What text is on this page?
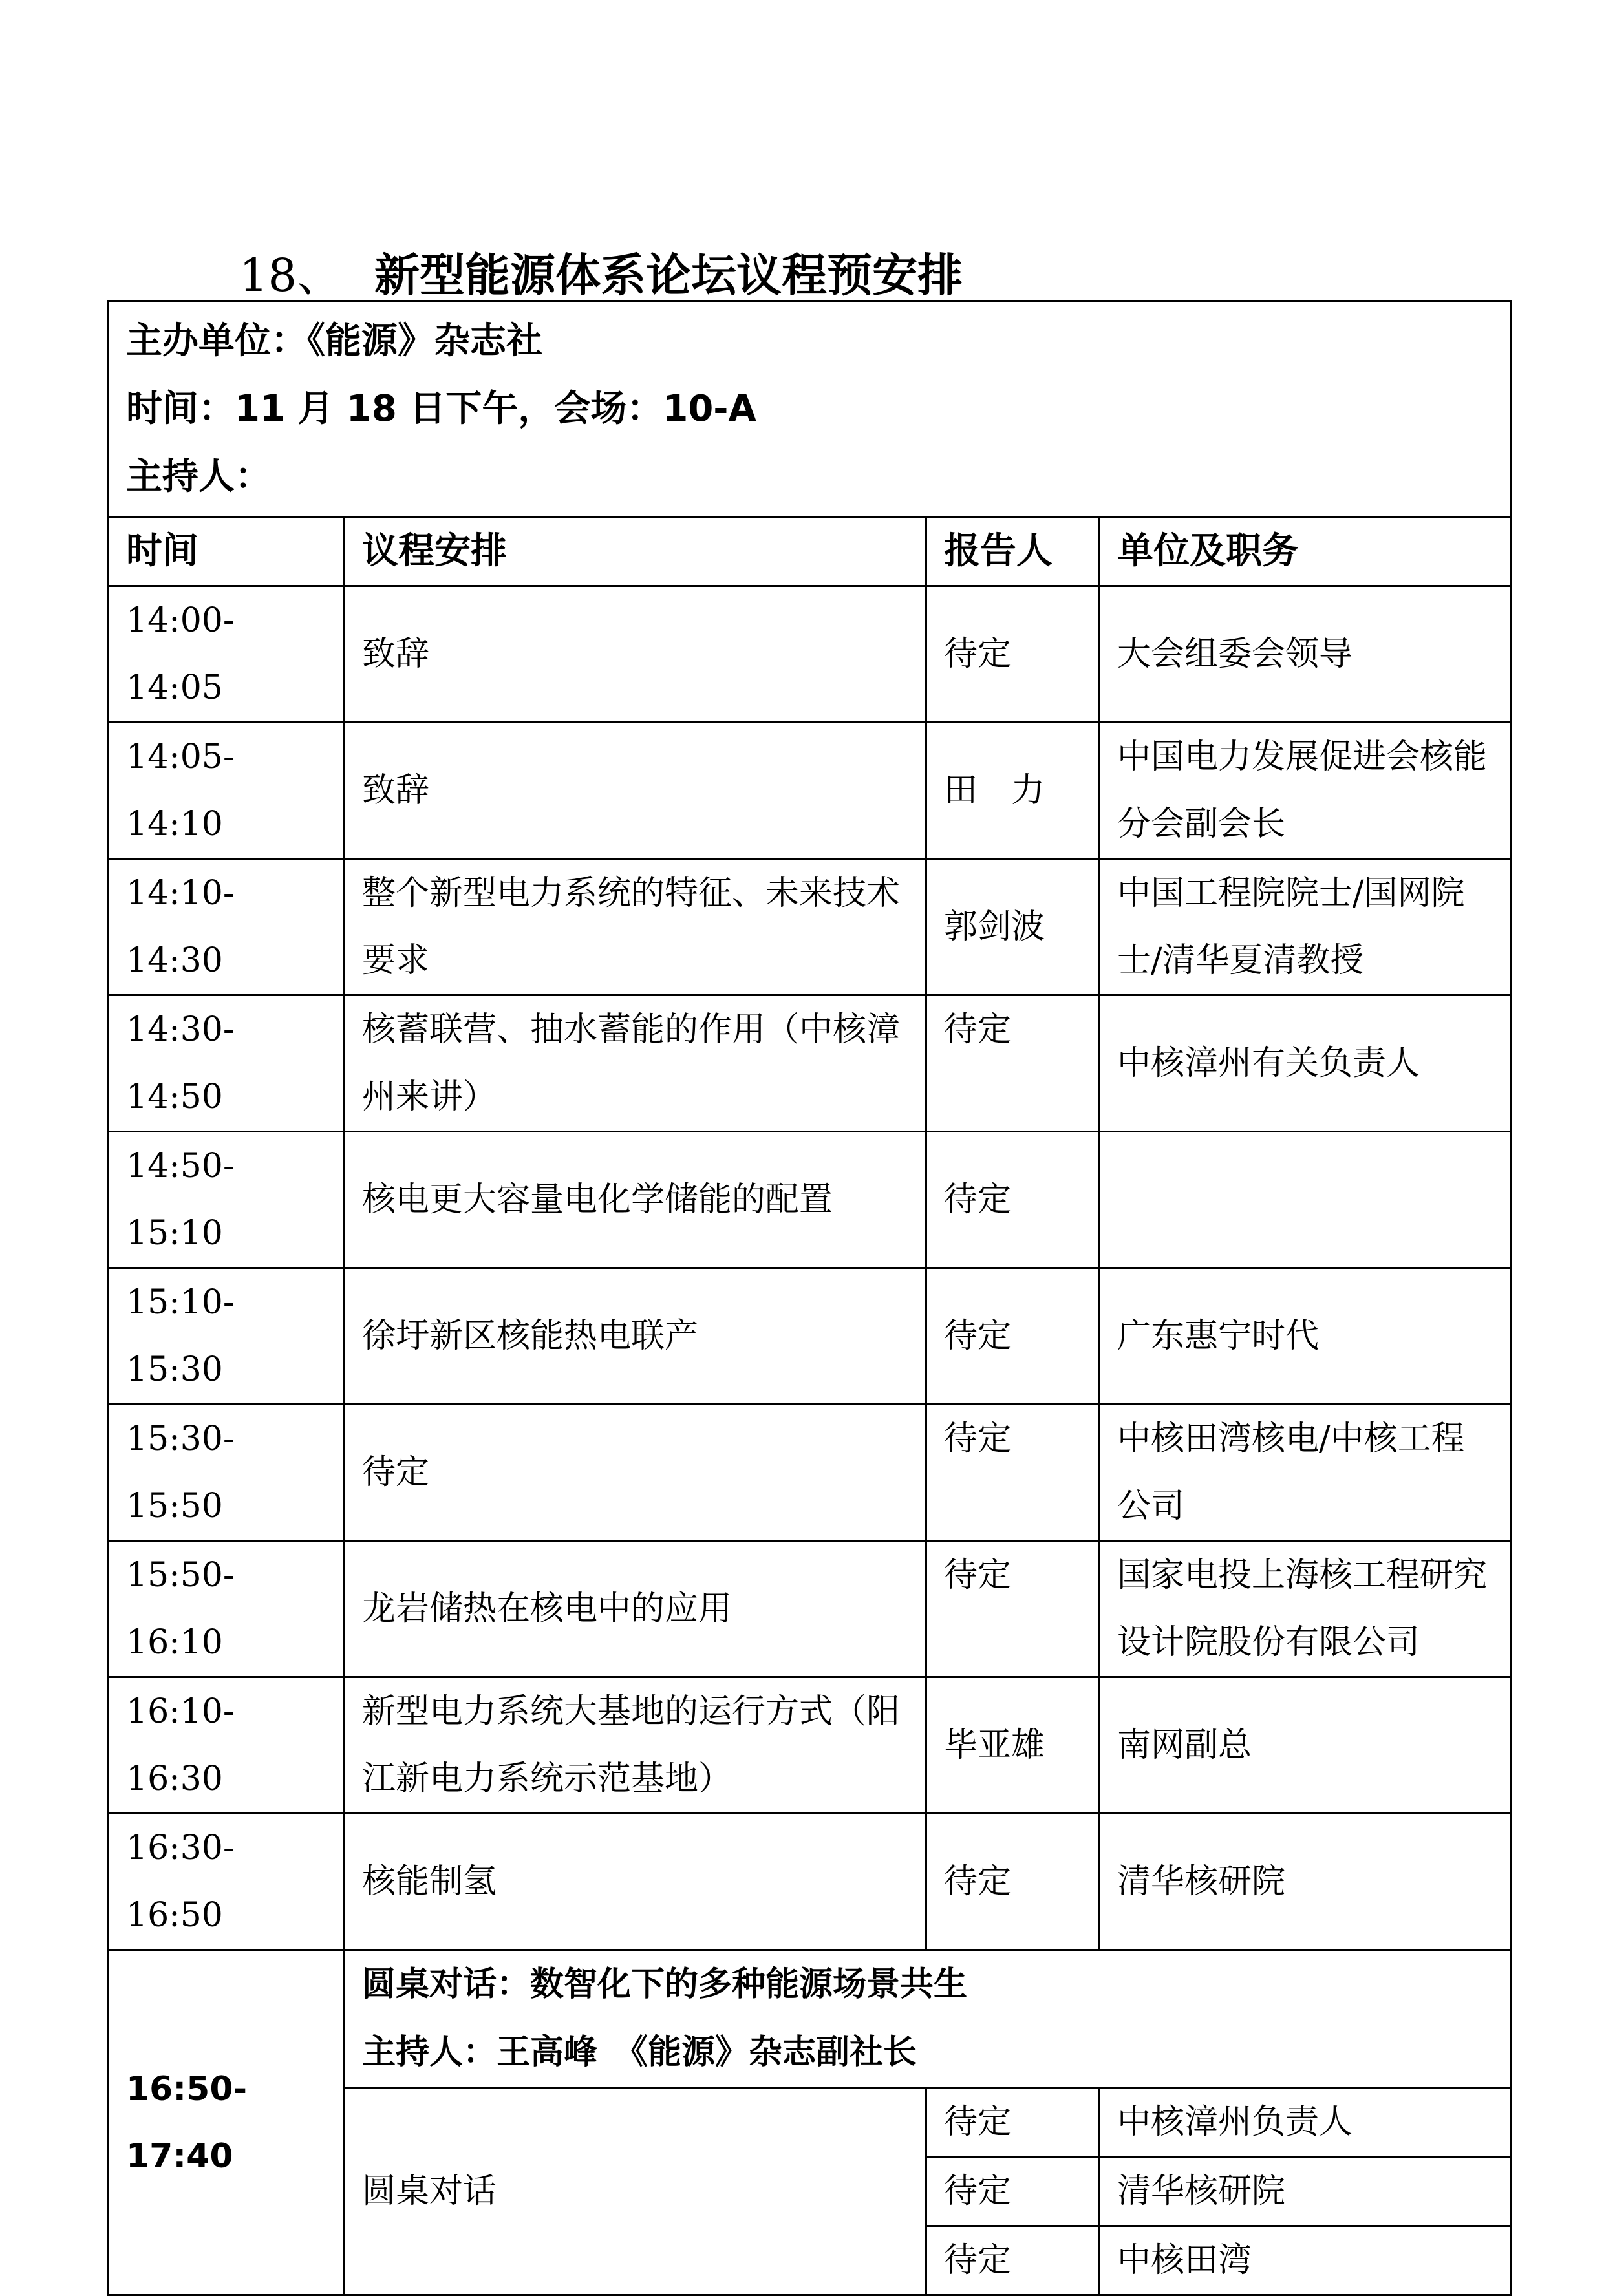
18、 新型能源体系论坛议程预安排
主办单位：《能源》杂志社
时间：11 月 18 日下午，会场：10-A
主持人：			

时间	议程安排	报告人	单位及职务
14:00-14:05	致辞	待定	大会组委会领导
14:05-14:10	致辞	田　力	中国电力发展促进会核能分会副会长
14:10-14:30	整个新型电力系统的特征、未来技术要求	郭剑波	中国工程院院士/国网院士/清华夏清教授
14:30-14:50	核蓄联营、抽水蓄能的作用（中核漳州来讲）	待定	中核漳州有关负责人
14:50-15:10	核电更大容量电化学储能的配置	待定	
15:10-15:30	徐圩新区核能热电联产	待定	广东惠宁时代
15:30-15:50	待定	待定	中核田湾核电/中核工程公司
15:50-16:10	龙岩储热在核电中的应用	待定	国家电投上海核工程研究设计院股份有限公司
16:10-16:30	新型电力系统大基地的运行方式（阳江新电力系统示范基地）	毕亚雄	南网副总
16:30-16:50	核能制氢	待定	清华核研院
16:50-17:40	圆桌对话：数智化下的多种能源场景共生
主持人：王高峰　《能源》杂志副社长		

	圆桌对话	待定	中核漳州负责人
		待定	清华核研院
		待定	中核田湾
